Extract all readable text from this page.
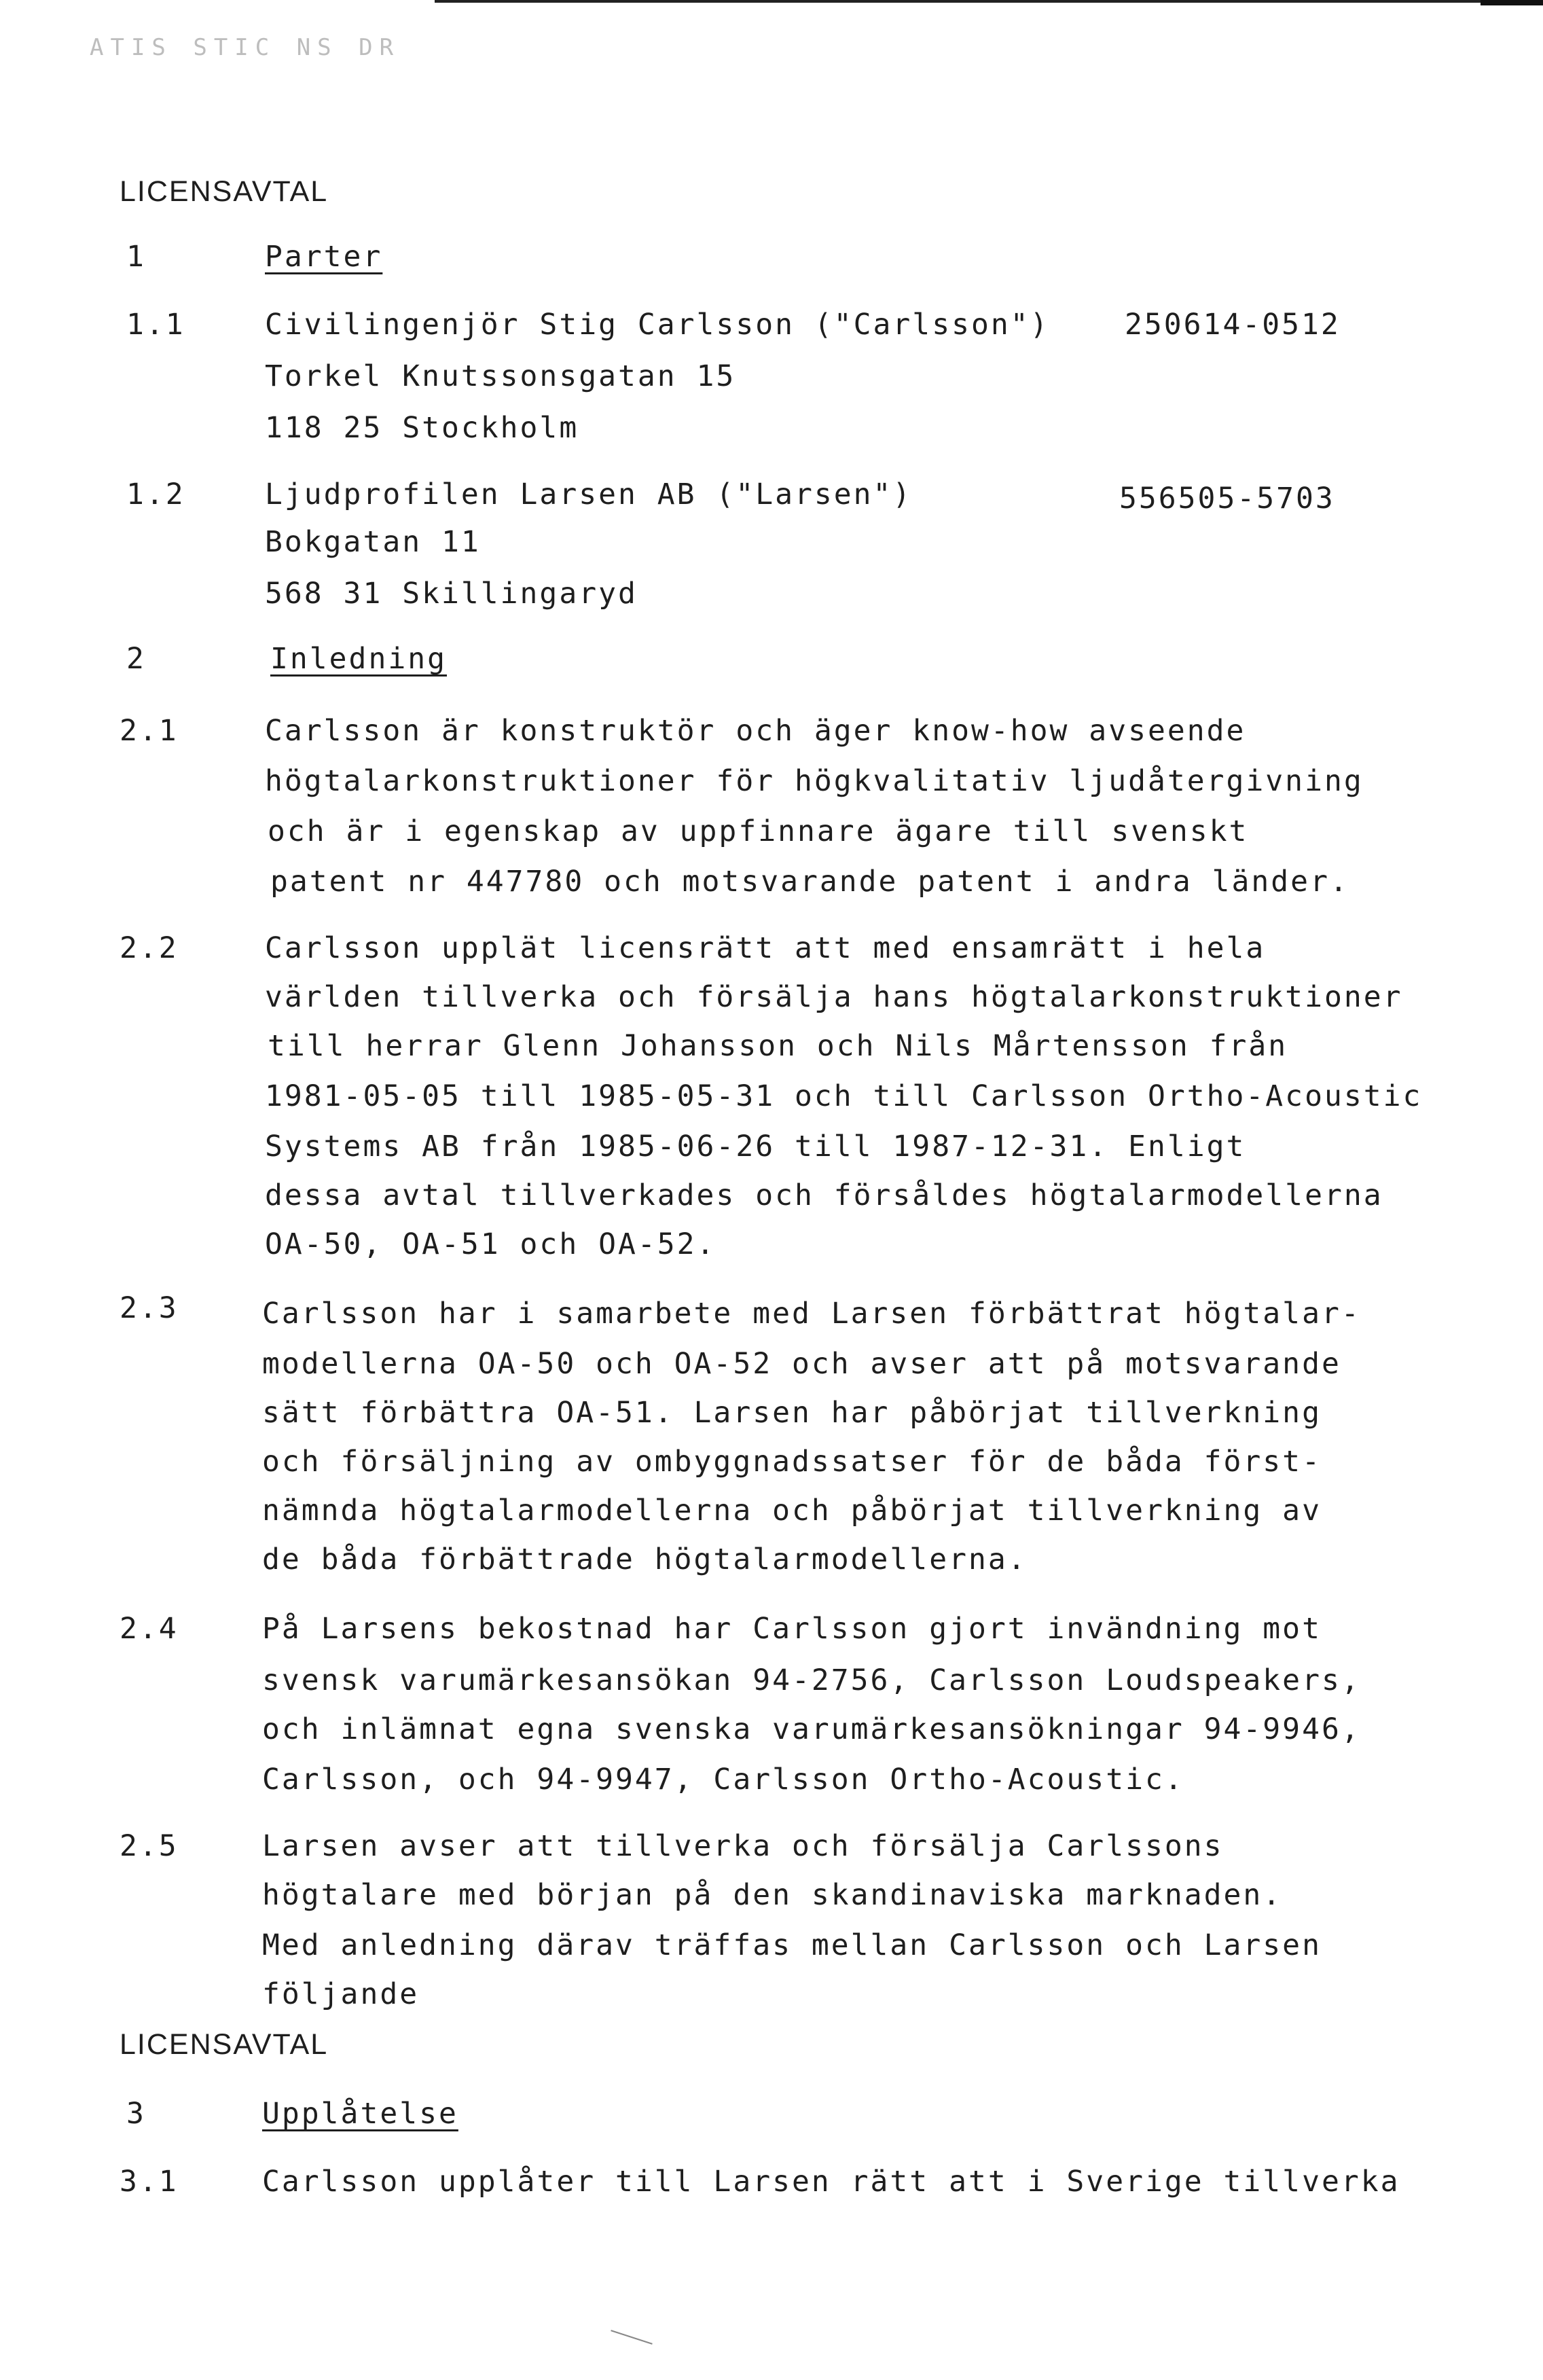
ATIS STIC NS DR
LICENSAVTAL
1	Parter
1.1	Civilingenjör Stig Carlsson ("Carlsson")	250614-0512
Torkel Knutssonsgatan 15
118 25 Stockholm
1.2	Ljudprofilen Larsen AB ("Larsen")	556505-5703
Bokgatan 11
568 31 Skillingaryd
2	Inledning
2.1	Carlsson är konstruktör och äger know-how avseende
högtalarkonstruktioner för högkvalitativ ljudåtergivning
och är i egenskap av uppfinnare ägare till svenskt
patent nr 447780 och motsvarande patent i andra länder.
2.2	Carlsson upplät licensrätt att med ensamrätt i hela
världen tillverka och försälja hans högtalarkonstruktioner
till herrar Glenn Johansson och Nils Mårtensson från
1981-05-05 till 1985-05-31 och till Carlsson Ortho-Acoustic
Systems AB från 1985-06-26 till 1987-12-31. Enligt
dessa avtal tillverkades och försåldes högtalarmodellerna
OA-50, OA-51 och OA-52.
2.3	Carlsson har i samarbete med Larsen förbättrat högtalar-
modellerna OA-50 och OA-52 och avser att på motsvarande
sätt förbättra OA-51. Larsen har påbörjat tillverkning
och försäljning av ombyggnadssatser för de båda först-
nämnda högtalarmodellerna och påbörjat tillverkning av
de båda förbättrade högtalarmodellerna.
2.4	På Larsens bekostnad har Carlsson gjort invändning mot
svensk varumärkesansökan 94-2756, Carlsson Loudspeakers,
och inlämnat egna svenska varumärkesansökningar 94-9946,
Carlsson, och 94-9947, Carlsson Ortho-Acoustic.
2.5	Larsen avser att tillverka och försälja Carlssons
högtalare med början på den skandinaviska marknaden.
Med anledning därav träffas mellan Carlsson och Larsen
följande
LICENSAVTAL
3	Upplåtelse
3.1	Carlsson upplåter till Larsen rätt att i Sverige tillverka
